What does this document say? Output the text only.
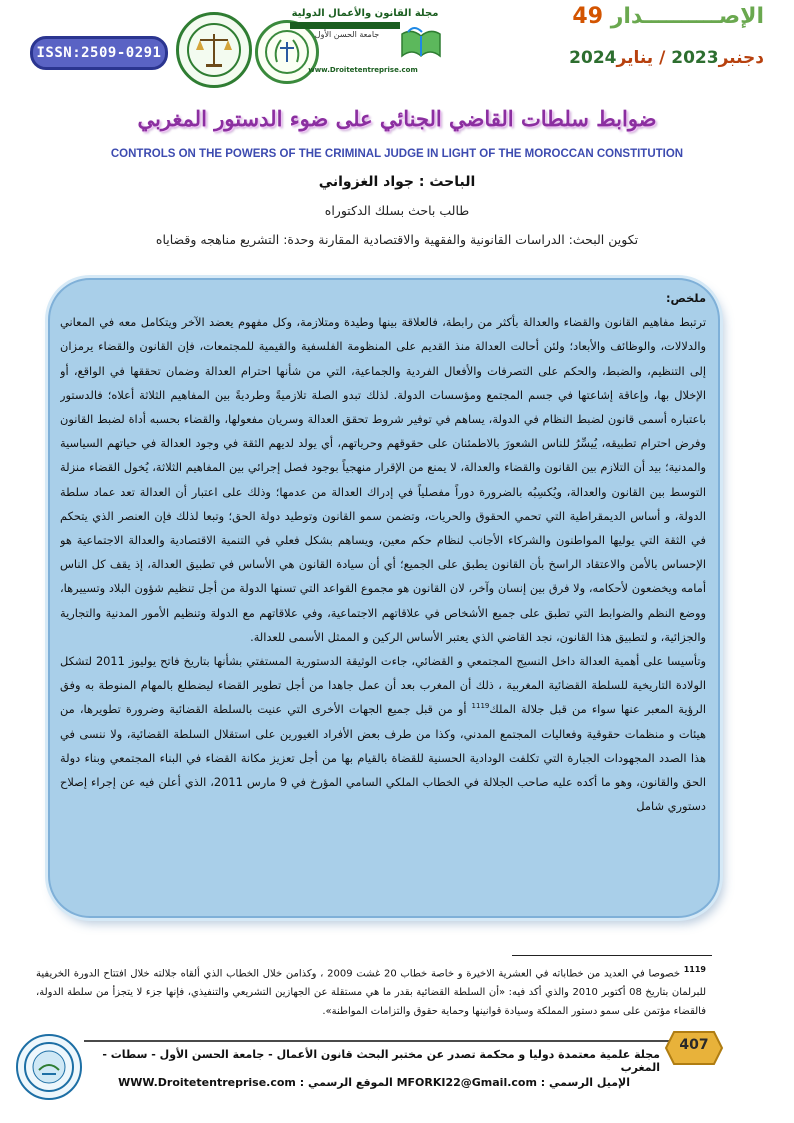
ISSN:2509-0291
مجلة القانون والأعمال الدولية
جامعة الحسن الأول
www.Droitetentreprise.com
الإصــــــــــدار 49
دجنبر2023 / يناير2024
ضوابط سلطات القاضي الجنائي على ضوء الدستور المغربي
CONTROLS ON THE POWERS OF THE CRIMINAL JUDGE IN LIGHT OF THE MOROCCAN CONSTITUTION
الباحث : جواد الغزواني
طالب باحث بسلك الدكتوراه
تكوين البحث: الدراسات القانونية والفقهية والاقتصادية المقارنة وحدة: التشريع مناهجه وقضاياه
ملخص:

ترتبط مفاهيم القانون والقضاء والعدالة بأكثر من رابطة، فالعلاقة بينها وطيدة ومتلازمة، وكل مفهوم يعضد الآخر ويتكامل معه في المعاني والدلالات، والوظائف والأبعاد؛ ولئن أحالت العدالة منذ القديم على المنظومة الفلسفية والقيمية للمجتمعات، فإن القانون والقضاء يرمزان إلى التنظيم، والضبط، والحكم على التصرفات والأفعال الفردية والجماعية، التي من شأنها احترام العدالة وضمان تحققها في الواقع، أو الإخلال بها، وإعاقة إشاعتها في جسم المجتمع ومؤسسات الدولة. لذلك تبدو الصلة تلازميةً وطرديةً بين المفاهيم الثلاثة أعلاه؛ فالدستور باعتباره أسمى قانون لضبط النظام في الدولة، يساهم في توفير شروط تحقق العدالة وسريان مفعولها، والقضاء بحسبه أداة لضبط القانون وفرض احترام تطبيقه، يُيسِّرُ للناس الشعورَ بالاطمئنان على حقوقهم وحرياتهم، أي يولد لديهم الثقة في وجود العدالة في حياتهم السياسية والمدنية؛ بيد أن التلازم بين القانون والقضاء والعدالة، لا يمنع من الإقرار منهجياً بوجود فصل إجرائي بين المفاهيم الثلاثة، يُخول القضاء منزلة التوسط بين القانون والعدالة، ويُكسِبُه بالضرورة دوراً مفصلياً في إدراك العدالة من عدمها؛ وذلك على اعتبار أن العدالة تعد عماد سلطة الدولة، و أساس الديمقراطية التي تحمي الحقوق والحريات، وتضمن سمو القانون وتوطيد دولة الحق؛ وتبعا لذلك فإن العنصر الذي يتحكم في الثقة التي يوليها المواطنون والشركاء الأجانب لنظام حكم معين، ويساهم بشكل فعلي في التنمية الاقتصادية والعدالة الاجتماعية هو الإحساس بالأمن والاعتقاد الراسخ بأن القانون يطبق على الجميع؛ أي أن سيادة القانون هي الأساس في تطبيق العدالة، إذ يقف كل الناس أمامه ويخضعون لأحكامه، ولا فرق بين إنسان وآخر، لان القانون هو مجموع القواعد التي تسنها الدولة من أجل تنظيم شؤون البلاد وتسييرها، ووضع النظم والضوابط التي تطبق على جميع الأشخاص في علاقاتهم الاجتماعية، وفي علاقاتهم مع الدولة وتنظيم الأمور المدنية والتجارية والجزائية، و لتطبيق هذا القانون، نجد القاضي الذي يعتبر الأساس الركين و الممثل الأسمى للعدالة.

وتأسيسا على أهمية العدالة داخل النسيج المجتمعي و القضائي، جاءت الوثيقة الدستورية المستفتي بشأنها بتاريخ فاتح يوليوز 2011 لتشكل الولادة التاريخية للسلطة القضائية المغربية ، ذلك أن المغرب بعد أن عمل جاهدا من أجل تطوير القضاء ليضطلع بالمهام المنوطة به وفق الرؤية المعبر عنها سواء من قبل جلالة الملك$^{1119}$ أو من قبل جميع الجهات الأخرى التي عنيت بالسلطة القضائية وضرورة تطويرها، من هيئات و منظمات حقوقية وفعاليات المجتمع المدني، وكذا من طرف بعض الأفراد الغيورين على استقلال السلطة القضائية، ولا ننسى في هذا الصدد المجهودات الجبارة التي تكلفت الودادية الحسنية للقضاة بالقيام بها من أجل تعزيز مكانة القضاء في البناء المجتمعي وبناء دولة الحق والقانون، وهو ما أكده عليه صاحب الجلالة في الخطاب الملكي السامي المؤرخ في 9 مارس 2011، الذي أعلن فيه عن إجراء إصلاح دستوري شامل

$^{1119}$ خصوصا في العديد من خطاباته في العشرية الاخيرة و خاصة خطاب 20 غشت 2009 ، وكذامن خلال الخطاب الذي ألقاه جلالته خلال افتتاح الدورة الخريفية للبرلمان بتاريخ 08 أكتوبر 2010 والذي أكد فيه: «أن السلطة القضائية بقدر ما هي مستقلة عن الجهازين التشريعي والتنفيذي، فإنها جزء لا يتجزأ من سلطة الدولة، فالقضاء مؤتمن على سمو دستور المملكة وسيادة قوانينها وحماية حقوق والتزامات المواطنة».
407
مجلة علمية معتمدة دوليا و محكمة تصدر عن مختبر البحث قانون الأعمال - جامعة الحسن الأول - سطات - المغرب
الإميل الرسمي : MFORKI22@Gmail.com الموقع الرسمي : WWW.Droitetentreprise.com
